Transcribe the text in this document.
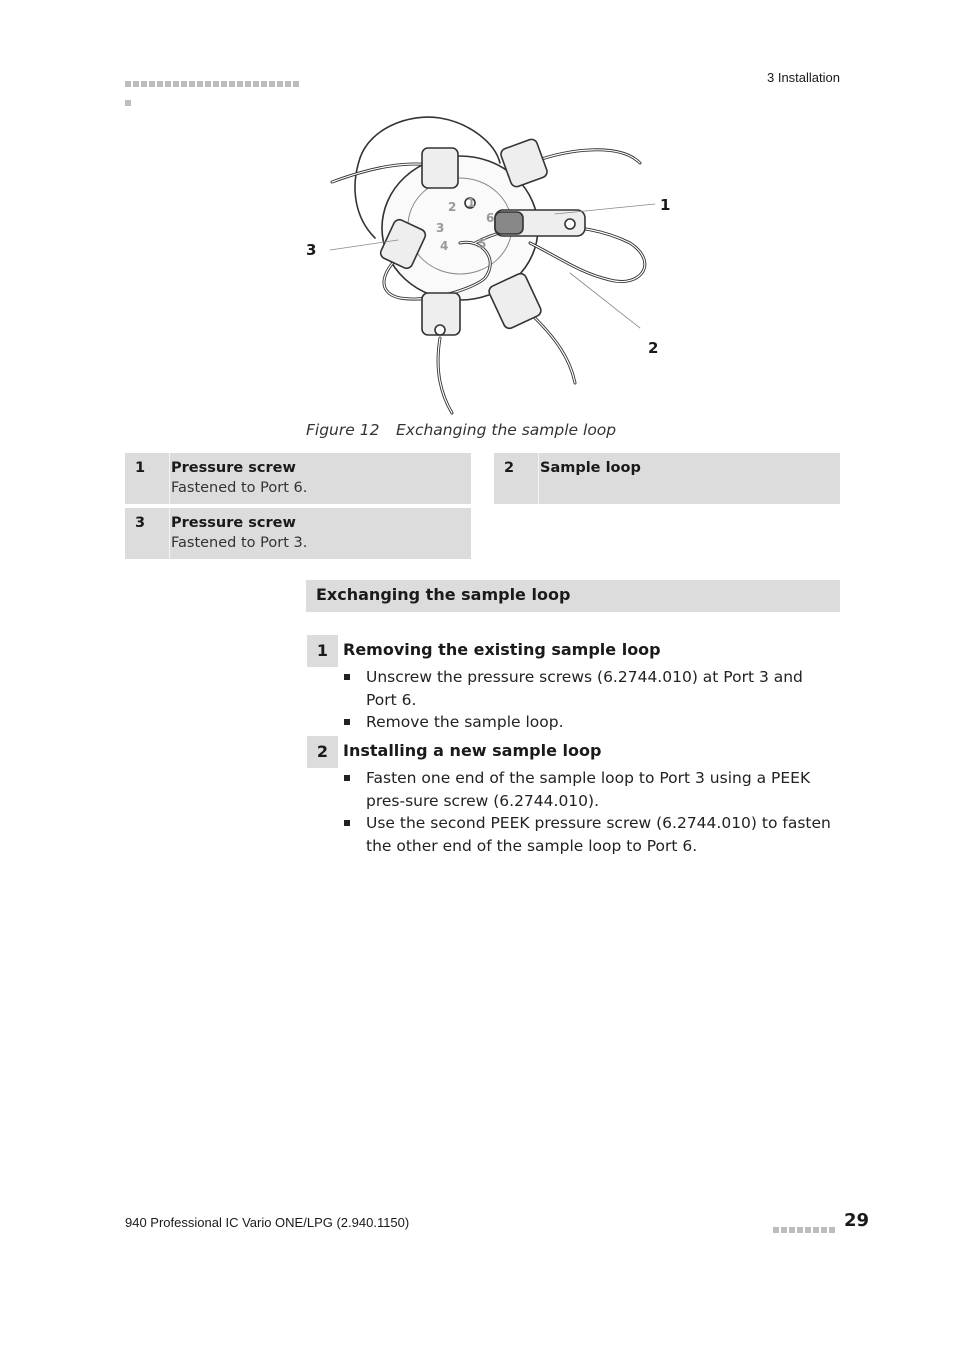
3 Installation
1
2
3
4 5
6
1
2
3
Figure 12 Exchanging the sample loop
1 Pressure screw
Fastened to Port 6.
2 Sample loop
3 Pressure screw
Fastened to Port 3.
Exchanging the sample loop
1 Removing the existing sample loop
Unscrew the pressure screws (6.2744.010) at Port 3 and Port 6.
Remove the sample loop.
2 Installing a new sample loop
Fasten one end of the sample loop to Port 3 using a PEEK pres-sure screw (6.2744.010).
Use the second PEEK pressure screw (6.2744.010) to fasten the other end of the sample loop to Port 6.
940 Professional IC Vario ONE/LPG (2.940.1150)	29
